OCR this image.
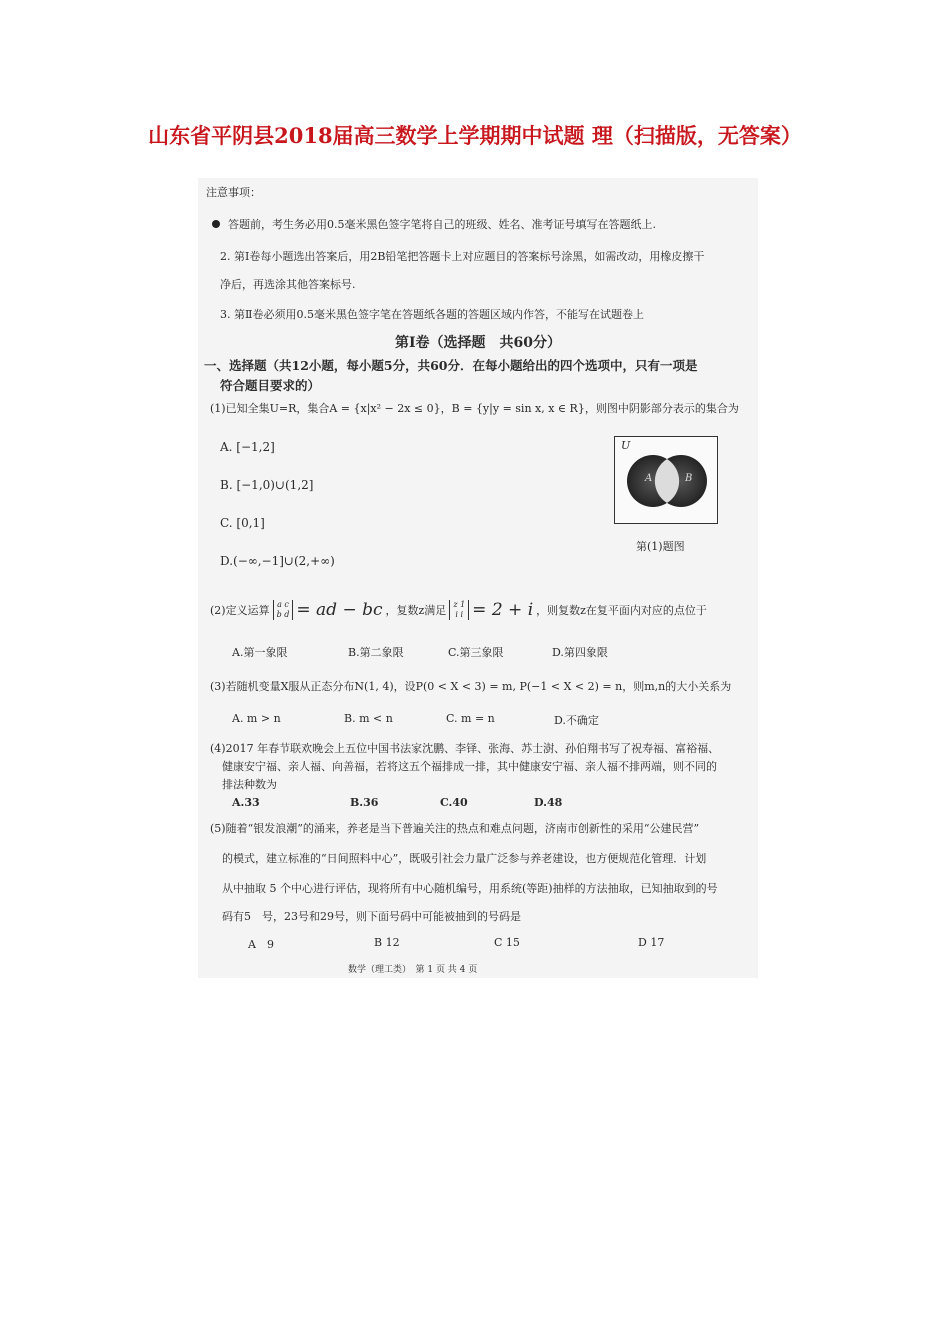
山东省平阴县2018届高三数学上学期期中试题 理（扫描版，无答案）
注意事项：
答题前，考生务必用0.5毫米黑色签字笔将自己的班级、姓名、准考证号填写在答题纸上.
2. 第Ⅰ卷每小题选出答案后，用2B铅笔把答题卡上对应题目的答案标号涂黑，如需改动，用橡皮擦干
净后，再选涂其他答案标号.
3. 第Ⅱ卷必须用0.5毫米黑色签字笔在答题纸各题的答题区域内作答，不能写在试题卷上
第Ⅰ卷（选择题　共60分）
一、选择题（共12小题，每小题5分，共60分．在每小题给出的四个选项中，只有一项是
符合题目要求的）
(1)已知全集U=R，集合A = {x|x² − 2x ≤ 0}，B = {y|y = sin x, x ∈ R}，则图中阴影部分表示的集合为
A. [−1,2]
B. [−1,0)∪(1,2]
C. [0,1]
D.(−∞,−1]∪(2,+∞)
U
A	B
第(1)题图
(2)定义运算 a c
b d = ad − bc ，复数z满足 z 1
i i = 2 + i ，则复数z在复平面内对应的点位于
A.第一象限	B.第二象限	C.第三象限	D.第四象限
(3)若随机变量X服从正态分布N(1, 4)，设P(0 < X < 3) = m, P(−1 < X < 2) = n，则m,n的大小关系为
A. m > n	B. m < n	C. m = n	D.不确定
(4)2017 年春节联欢晚会上五位中国书法家沈鹏、李铎、张海、苏士澍、孙伯翔书写了祝寿福、富裕福、
健康安宁福、亲人福、向善福，若将这五个福排成一排，其中健康安宁福、亲人福不排两端，则不同的
排法种数为
A.33	B.36	C.40	D.48
(5)随着“银发浪潮”的涌来，养老是当下普遍关注的热点和难点问题，济南市创新性的采用“公建民营”
的模式，建立标准的“日间照料中心”，既吸引社会力量广泛参与养老建设，也方便规范化管理．计划
从中抽取 5 个中心进行评估，现将所有中心随机编号，用系统(等距)抽样的方法抽取，已知抽取到的号
码有5　号，23号和29号，则下面号码中可能被抽到的号码是
A　9	B 12	C 15	D 17
数学（理工类）　第 1 页 共 4 页
